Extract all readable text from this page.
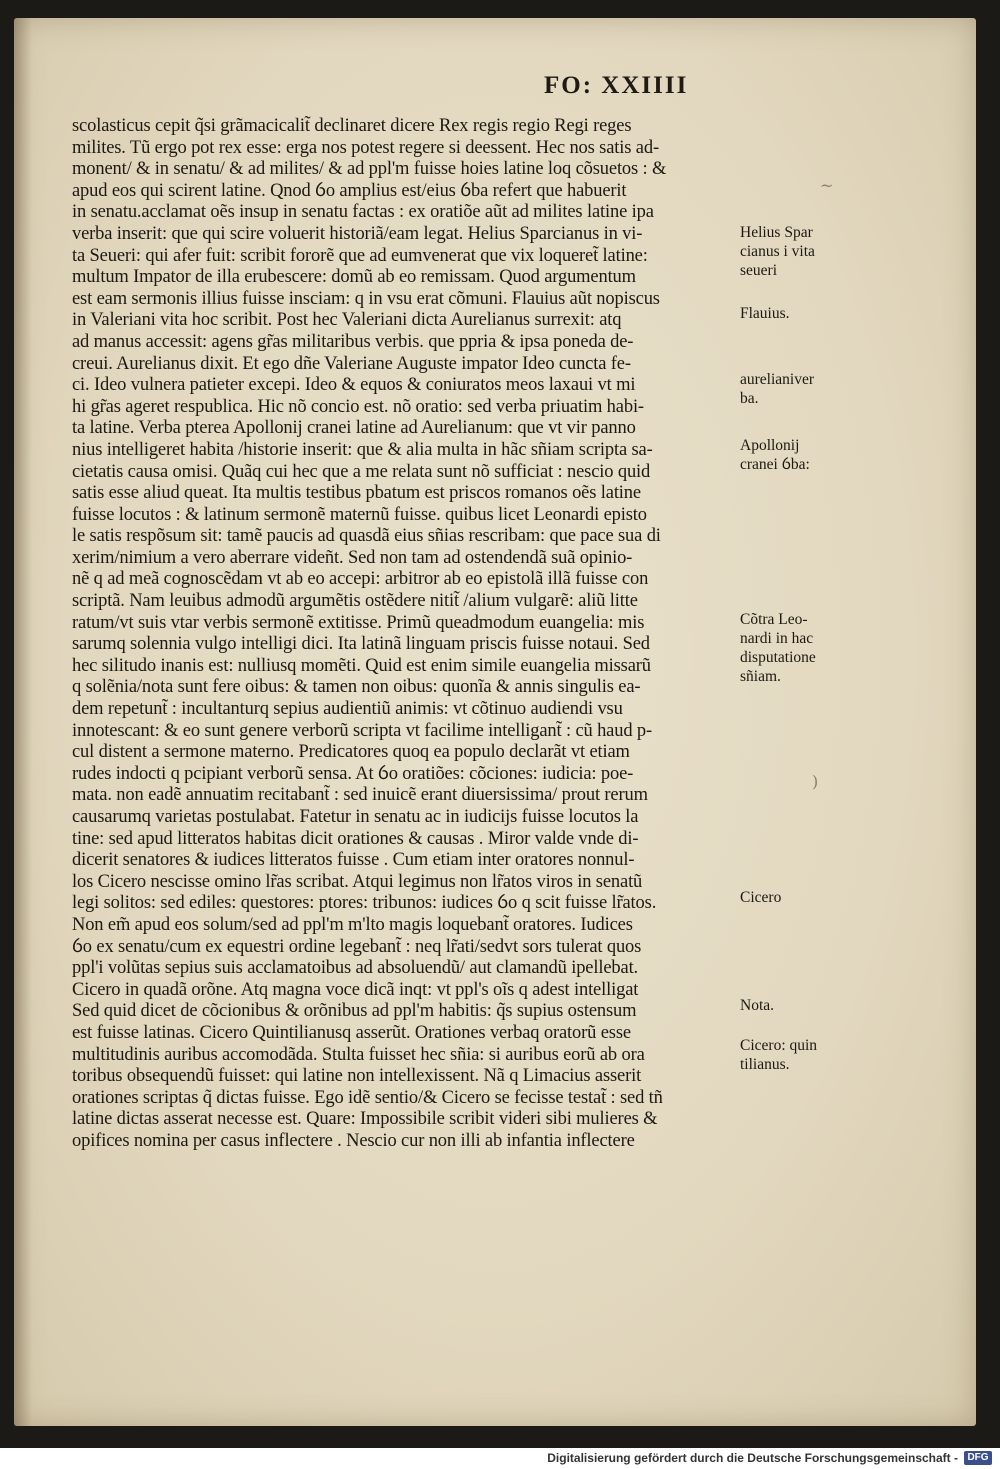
FO: XXIIII
scolasticus cepit q̃si grãmacicalit̃ declinaret dicere Rex regis regio Regi reges
milites. Tũ ergo pot rex esse: erga nos potest regere si deessent. Hec nos satis ad-
monent/ & in senatu/ & ad milites/ & ad ppl'm fuisse hoies latine loq cõsuetos : &
apud eos qui scirent latine. Qnod ỽo amplius est/eius ỽba refert que habuerit
in senatu.acclamat oẽs insup in senatu factas : ex oratiõe aũt ad milites latine ipa
verba inserit: que qui scire voluerit historiã/eam legat. Helius Sparcianus in vi-
ta Seueri: qui afer fuit: scribit fororẽ que ad eumvenerat que vix loqueret̃ latine:
multum Impator de illa erubescere: domũ ab eo remissam. Quod argumentum
est eam sermonis illius fuisse insciam: q in vsu erat cõmuni. Flauius aũt nopiscus
in Valeriani vita hoc scribit. Post hec Valeriani dicta Aurelianus surrexit: atq
ad manus accessit: agens gr̃as militaribus verbis. que ppria & ipsa poneda de-
creui. Aurelianus dixit. Et ego dñe Valeriane Auguste impator Ideo cuncta fe-
ci. Ideo vulnera patieter excepi. Ideo & equos & coniuratos meos laxaui vt mi
hi gr̃as ageret respublica. Hic nõ concio est. nõ oratio: sed verba priuatim habi-
ta latine. Verba pterea Apollonij cranei latine ad Aurelianum: que vt vir panno
nius intelligeret habita /historie inserit: que & alia multa in hãc sñiam scripta sa-
cietatis causa omisi. Quãq cui hec que a me relata sunt nõ sufficiat : nescio quid
satis esse aliud queat. Ita multis testibus pbatum est priscos romanos oẽs latine
fuisse locutos : & latinum sermonẽ maternũ fuisse. quibus licet Leonardi episto
le satis respõsum sit: tamẽ paucis ad quasdã eius sñias rescribam: que pace sua di
xerim/nimium a vero aberrare videñt. Sed non tam ad ostendendã suã opinio-
nẽ q ad meã cognoscẽdam vt ab eo accepi: arbitror ab eo epistolã illã fuisse con
scriptã. Nam leuibus admodũ argumẽtis ostẽdere nitit̃ /alium vulgarẽ: aliũ litte
ratum/vt suis vtar verbis sermonẽ extitisse. Primũ queadmodum euangelia: mis
sarumq solennia vulgo intelligi dici. Ita latinã linguam priscis fuisse notaui. Sed
hec silitudo inanis est: nulliusq momẽti. Quid est enim simile euangelia missarũ
q solẽnia/nota sunt fere oibus: & tamen non oibus: quonĩa & annis singulis ea-
dem repetunt̃ : incultanturq sepius audientiũ animis: vt cõtinuo audiendi vsu
innotescant: & eo sunt genere verborũ scripta vt facilime intelligant̃ : cũ haud p-
cul distent a sermone materno. Predicatores quoq ea populo declarãt vt etiam
rudes indocti q pcipiant verborũ sensa. At ỽo oratiões: cõciones: iudicia: poe-
mata. non eadẽ annuatim recitabant̃ : sed inuicẽ erant diuersissima/ prout rerum
causarumq varietas postulabat. Fatetur in senatu ac in iudicijs fuisse locutos la
tine: sed apud litteratos habitas dicit orationes & causas . Miror valde vnde di-
dicerit senatores & iudices litteratos fuisse . Cum etiam inter oratores nonnul-
los Cicero nescisse omino lr̃as scribat. Atqui legimus non lr̃atos viros in senatũ
legi solitos: sed ediles: questores: ptores: tribunos: iudices ỽo q scit fuisse lr̃atos.
Non em̃ apud eos solum/sed ad ppl'm m'lto magis loquebant̃ oratores. Iudices
ỽo ex senatu/cum ex equestri ordine legebant̃ : neq lr̃ati/sedvt sors tulerat quos
ppl'i volũtas sepius suis acclamatoibus ad absoluendũ/ aut clamandũ ipellebat.
Cicero in quadã orõne. Atq magna voce dicã inqt: vt ppl's oĩs q adest intelligat
Sed quid dicet de cõcionibus & orõnibus ad ppl'm habitis: q̃s supius ostensum
est fuisse latinas. Cicero Quintilianusq asserũt. Orationes verbaq oratorũ esse
multitudinis auribus accomodãda. Stulta fuisset hec sñia: si auribus eorũ ab ora
toribus obsequendũ fuisset: qui latine non intellexissent. Nã q Limacius asserit
orationes scriptas q̃ dictas fuisse. Ego idẽ sentio/& Cicero se fecisse testat̃ : sed tñ
latine dictas asserat necesse est. Quare: Impossibile scribit videri sibi mulieres &
opifices nomina per casus inflectere . Nescio cur non illi ab infantia inflectere
Helius Spar
cianus i vita
seueri
Flauius.
aurelianiver
ba.
Apollonij
cranei ỽba:
Cõtra Leo-
nardi in hac
disputatione
sñiam.
Cicero
Nota.
Cicero: quin
tilianus.
~
)
Digitalisierung gefördert durch die Deutsche Forschungsgemeinschaft - DFG
